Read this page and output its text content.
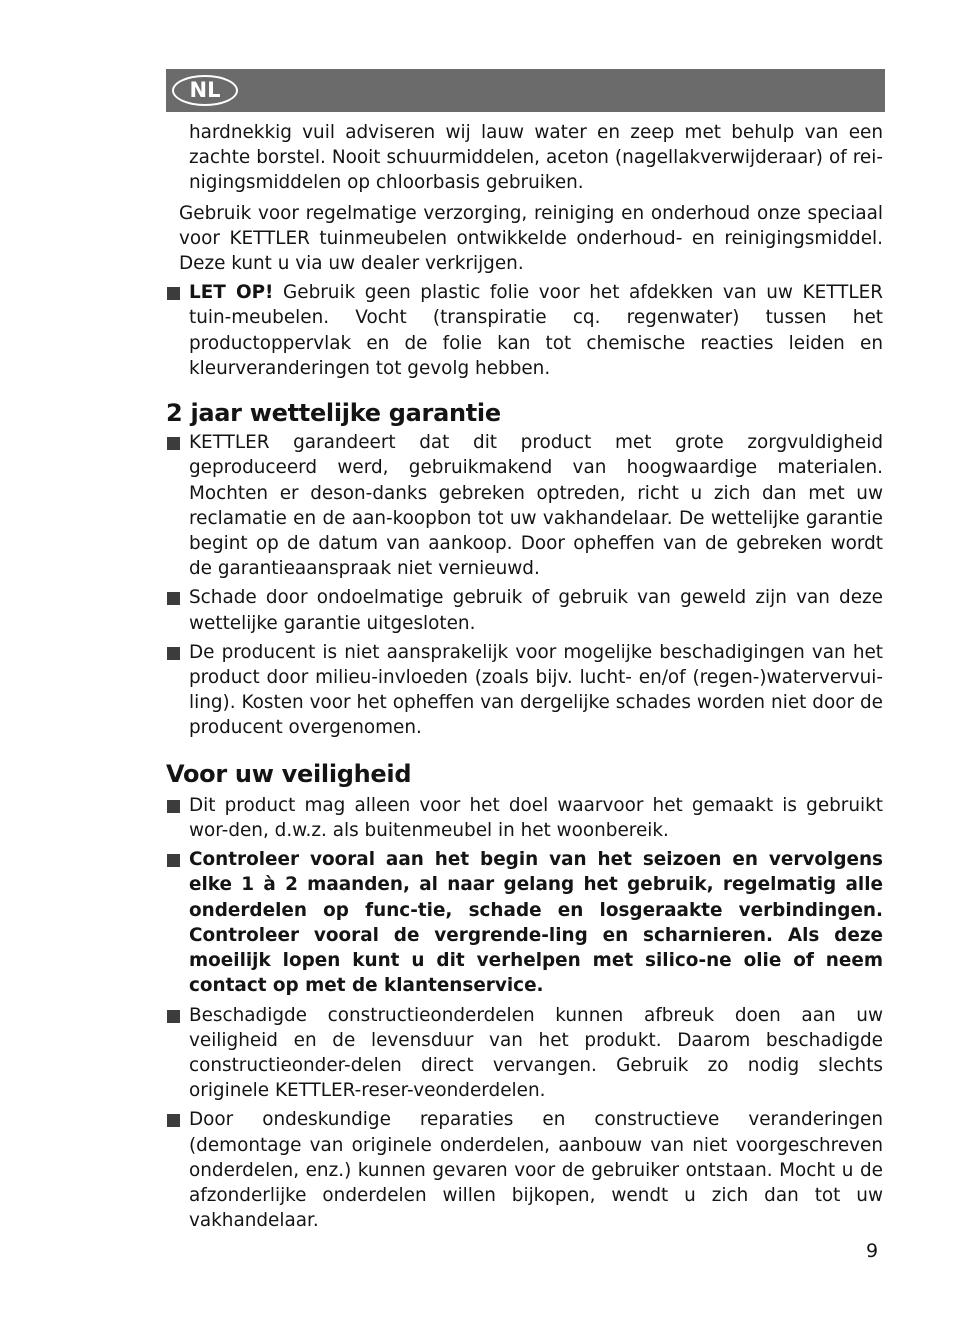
NL

hardnekkig vuil adviseren wij lauw water en zeep met behulp van een zachte borstel. Nooit schuurmiddelen, aceton (nagellakverwijderaar) of rei-nigingsmiddelen op chloorbasis gebruiken.

Gebruik voor regelmatige verzorging, reiniging en onderhoud onze speciaal voor KETTLER tuinmeubelen ontwikkelde onderhoud- en reinigingsmiddel. Deze kunt u via uw dealer verkrijgen.

LET OP! Gebruik geen plastic folie voor het afdekken van uw KETTLER tuin-meubelen. Vocht (transpiratie cq. regenwater) tussen het productoppervlak en de folie kan tot chemische reacties leiden en kleurveranderingen tot gevolg hebben.
2 jaar wettelijke garantie
KETTLER garandeert dat dit product met grote zorgvuldigheid geproduceerd werd, gebruikmakend van hoogwaardige materialen. Mochten er deson-danks gebreken optreden, richt u zich dan met uw reclamatie en de aan-koopbon tot uw vakhandelaar. De wettelijke garantie begint op de datum van aankoop. Door opheffen van de gebreken wordt de garantieaanspraak niet vernieuwd.
Schade door ondoelmatige gebruik of gebruik van geweld zijn van deze wettelijke garantie uitgesloten.
De producent is niet aansprakelijk voor mogelijke beschadigingen van het product door milieu-invloeden (zoals bijv. lucht- en/of (regen-)watervervui-ling). Kosten voor het opheffen van dergelijke schades worden niet door de producent overgenomen.
Voor uw veiligheid
Dit product mag alleen voor het doel waarvoor het gemaakt is gebruikt wor-den, d.w.z. als buitenmeubel in het woonbereik.
Controleer vooral aan het begin van het seizoen en vervolgens elke 1 à 2 maanden, al naar gelang het gebruik, regelmatig alle onderdelen op func-tie, schade en losgeraakte verbindingen. Controleer vooral de vergrende-ling en scharnieren. Als deze moeilijk lopen kunt u dit verhelpen met silico-ne olie of neem contact op met de klantenservice.
Beschadigde constructieonderdelen kunnen afbreuk doen aan uw veiligheid en de levensduur van het produkt. Daarom beschadigde constructieonder-delen direct vervangen. Gebruik zo nodig slechts originele KETTLER-reser-veonderdelen.
Door ondeskundige reparaties en constructieve veranderingen (demontage van originele onderdelen, aanbouw van niet voorgeschreven onderdelen, enz.) kunnen gevaren voor de gebruiker ontstaan. Mocht u de afzonderlijke onderdelen willen bijkopen, wendt u zich dan tot uw vakhandelaar.
9
